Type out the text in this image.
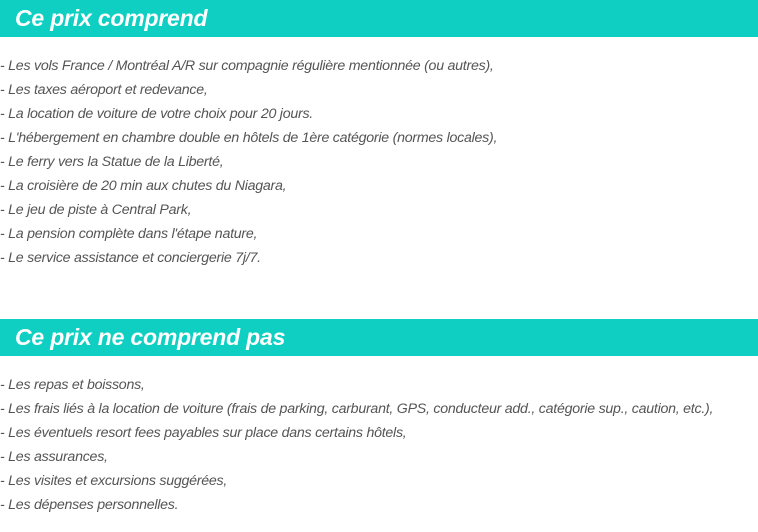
Ce prix comprend
- Les vols France / Montréal A/R sur compagnie régulière mentionnée (ou autres),
- Les taxes aéroport et redevance,
- La location de voiture de votre choix pour 20 jours.
- L'hébergement en chambre double en hôtels de 1ère catégorie (normes locales),
- Le ferry vers la Statue de la Liberté,
- La croisière de 20 min aux chutes du Niagara,
- Le jeu de piste à Central Park,
- La pension complète dans l'étape nature,
- Le service assistance et conciergerie 7j/7.
Ce prix ne comprend pas
- Les repas et boissons,
- Les frais liés à la location de voiture (frais de parking, carburant, GPS, conducteur add., catégorie sup., caution, etc.),
- Les éventuels resort fees payables sur place dans certains hôtels,
- Les assurances,
- Les visites et excursions suggérées,
- Les dépenses personnelles.
